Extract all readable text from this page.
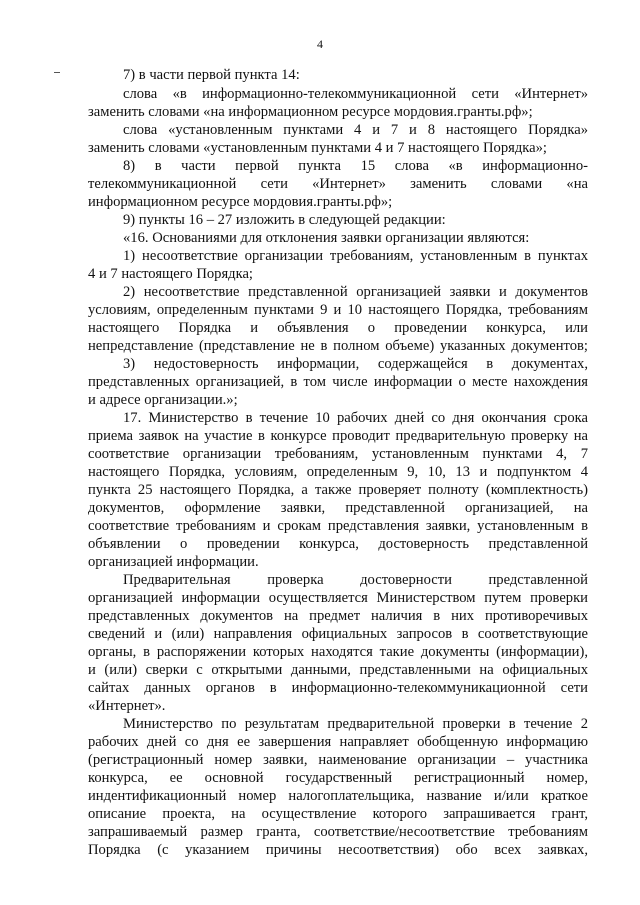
4

7) в части первой пункта 14:

слова «в информационно-телекоммуникационной сети «Интернет»

заменить словами «на информационном ресурсе мордовия.гранты.рф»;

слова «установленным пунктами 4 и 7 и 8 настоящего Порядка»

заменить словами «установленным пунктами 4 и 7 настоящего Порядка»;

8) в части первой пункта 15 слова «в информационно-

телекоммуникационной сети «Интернет» заменить словами «на

информационном ресурсе мордовия.гранты.рф»;

9) пункты 16 – 27 изложить в следующей редакции:

«16. Основаниями для отклонения заявки организации являются:

1) несоответствие организации требованиям, установленным в пунктах

4 и 7 настоящего Порядка;

2) несоответствие представленной организацией заявки и документов

условиям, определенным пунктами 9 и 10 настоящего Порядка, требованиям

настоящего Порядка и объявления о проведении конкурса, или

непредставление (представление не в полном объеме) указанных документов;

3) недостоверность информации, содержащейся в документах,

представленных организацией, в том числе информации о месте нахождения

и адресе организации.»;

17. Министерство в течение 10 рабочих дней со дня окончания срока

приема заявок на участие в конкурсе проводит предварительную проверку на

соответствие организации требованиям, установленным пунктами 4, 7

настоящего Порядка, условиям, определенным 9, 10, 13 и подпунктом 4

пункта 25 настоящего Порядка, а также проверяет полноту (комплектность)

документов, оформление заявки, представленной организацией, на

соответствие требованиям и срокам представления заявки, установленным в

объявлении о проведении конкурса, достоверность представленной

организацией информации.

Предварительная проверка достоверности представленной

организацией информации осуществляется Министерством путем проверки

представленных документов на предмет наличия в них противоречивых

сведений и (или) направления официальных запросов в соответствующие

органы, в распоряжении которых находятся такие документы (информации),

и (или) сверки с открытыми данными, представленными на официальных

сайтах данных органов в информационно-телекоммуникационной сети

«Интернет».

Министерство по результатам предварительной проверки в течение 2

рабочих дней со дня ее завершения направляет обобщенную информацию

(регистрационный номер заявки, наименование организации – участника

конкурса, ее основной государственный регистрационный номер,

индентификационный номер налогоплательщика, название и/или краткое

описание проекта, на осуществление которого запрашивается грант,

запрашиваемый размер гранта, соответствие/несоответствие требованиям

Порядка (с указанием причины несоответствия) обо всех заявках,
